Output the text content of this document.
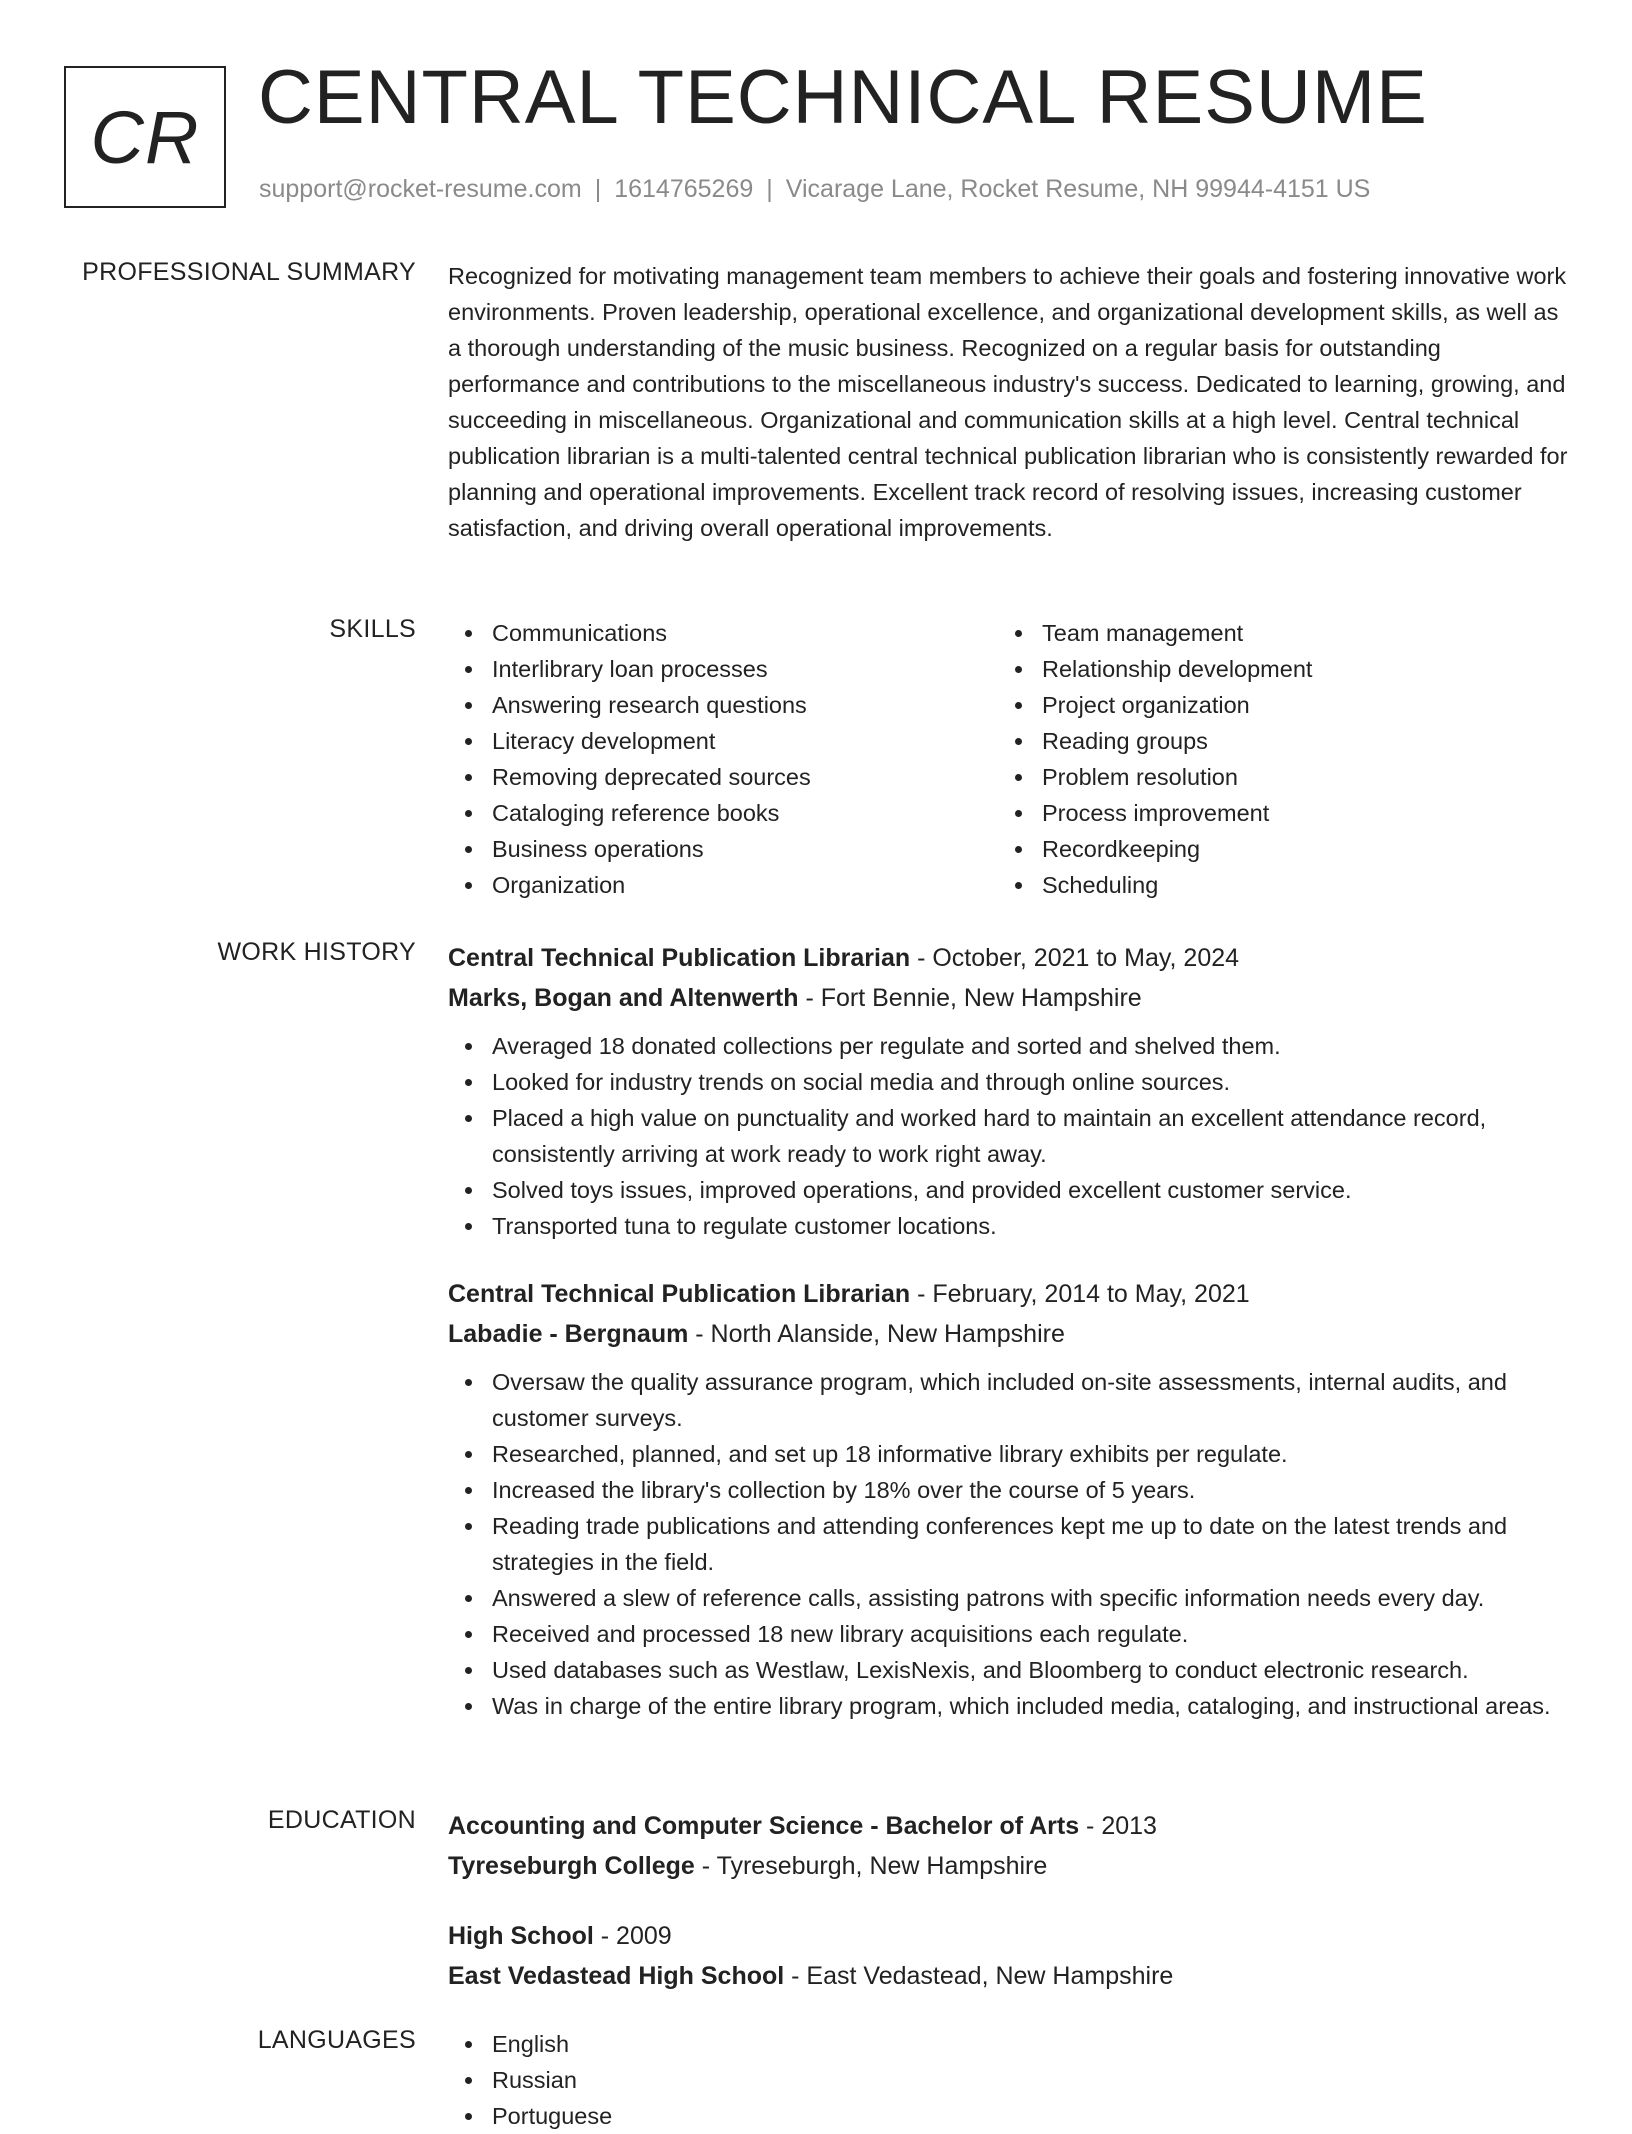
CR CENTRAL TECHNICAL RESUME
support@rocket-resume.com | 1614765269 | Vicarage Lane, Rocket Resume, NH 99944-4151 US
PROFESSIONAL SUMMARY Recognized for motivating management team members to achieve their goals and fostering innovative work environments. Proven leadership, operational excellence, and organizational development skills, as well as a thorough understanding of the music business. Recognized on a regular basis for outstanding performance and contributions to the miscellaneous industry's success. Dedicated to learning, growing, and succeeding in miscellaneous. Organizational and communication skills at a high level. Central technical publication librarian is a multi-talented central technical publication librarian who is consistently rewarded for planning and operational improvements. Excellent track record of resolving issues, increasing customer satisfaction, and driving overall operational improvements.

SKILLS	Communications
Interlibrary loan processes
Answering research questions
Literacy development
Removing deprecated sources
Cataloging reference books
Business operations
Organization
Team management
Relationship development
Project organization
Reading groups
Problem resolution
Process improvement
Recordkeeping
Scheduling
WORK HISTORY Central Technical Publication Librarian - October, 2021 to May, 2024
Marks, Bogan and Altenwerth - Fort Bennie, New Hampshire
Averaged 18 donated collections per regulate and sorted and shelved them.
Looked for industry trends on social media and through online sources.
Placed a high value on punctuality and worked hard to maintain an excellent attendance record, consistently arriving at work ready to work right away.
Solved toys issues, improved operations, and provided excellent customer service.
Transported tuna to regulate customer locations.
Central Technical Publication Librarian - February, 2014 to May, 2021
Labadie - Bergnaum - North Alanside, New Hampshire
Oversaw the quality assurance program, which included on-site assessments, internal audits, and customer surveys.
Researched, planned, and set up 18 informative library exhibits per regulate.
Increased the library's collection by 18% over the course of 5 years.
Reading trade publications and attending conferences kept me up to date on the latest trends and strategies in the field.
Answered a slew of reference calls, assisting patrons with specific information needs every day.
Received and processed 18 new library acquisitions each regulate.
Used databases such as Westlaw, LexisNexis, and Bloomberg to conduct electronic research.
Was in charge of the entire library program, which included media, cataloging, and instructional areas.
EDUCATION Accounting and Computer Science - Bachelor of Arts - 2013
Tyreseburgh College - Tyreseburgh, New Hampshire
High School - 2009
East Vedastead High School - East Vedastead, New Hampshire
LANGUAGES	English
Russian
Portuguese
